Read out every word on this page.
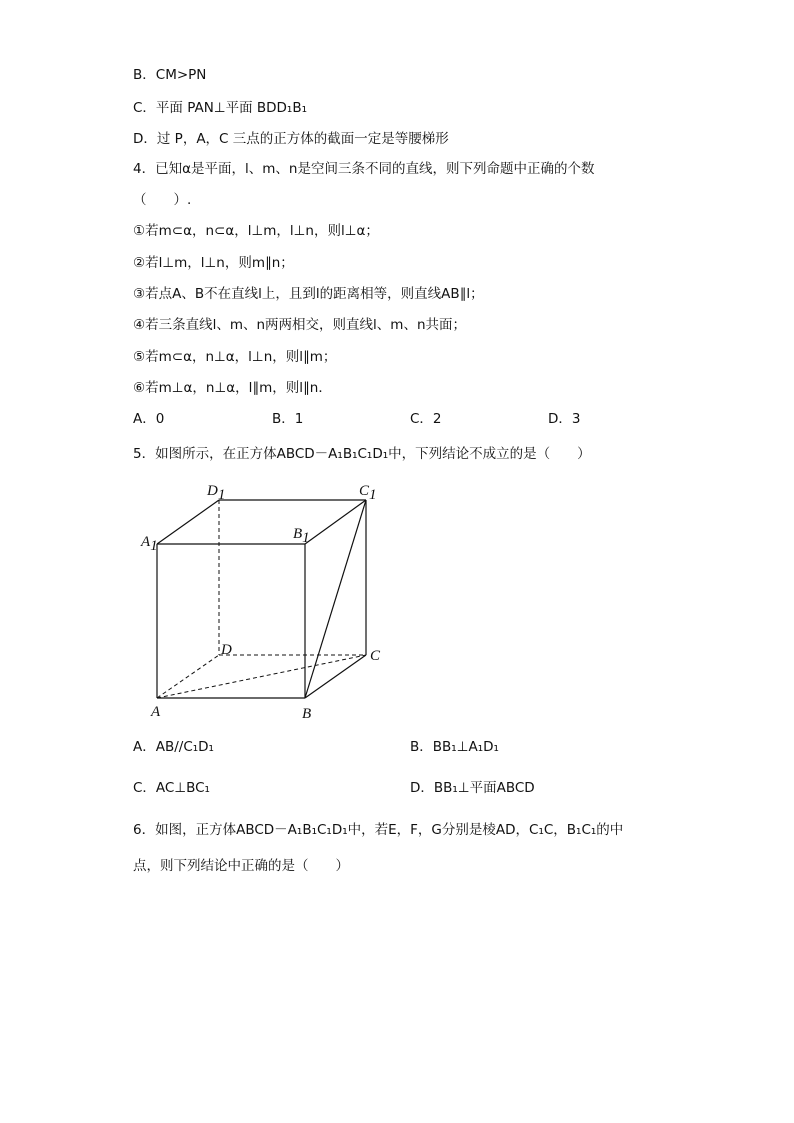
B．CM>PN
C．平面 PAN⊥平面 BDD₁B₁
D．过 P，A，C 三点的正方体的截面一定是等腰梯形
4．已知α是平面，l、m、n是空间三条不同的直线，则下列命题中正确的个数
（　　）.
①若m⊂α，n⊂α，l⊥m，l⊥n，则l⊥α；
②若l⊥m，l⊥n，则m∥n；
③若点A、B不在直线l上，且到l的距离相等，则直线AB∥l；
④若三条直线l、m、n两两相交，则直线l、m、n共面；
⑤若m⊂α，n⊥α，l⊥n，则l∥m；
⑥若m⊥α，n⊥α，l∥m，则l∥n．
A．0	B．1	C．2	D．3
5．如图所示，在正方体ABCD－A₁B₁C₁D₁中，下列结论不成立的是（　　）
D1	C1
A1
B1
D	C
A	B
A．AB//C₁D₁	B．BB₁⊥A₁D₁
C．AC⊥BC₁	D．BB₁⊥平面ABCD
6．如图，正方体ABCD－A₁B₁C₁D₁中，若E，F，G分别是棱AD，C₁C，B₁C₁的中
点，则下列结论中正确的是（　　）
